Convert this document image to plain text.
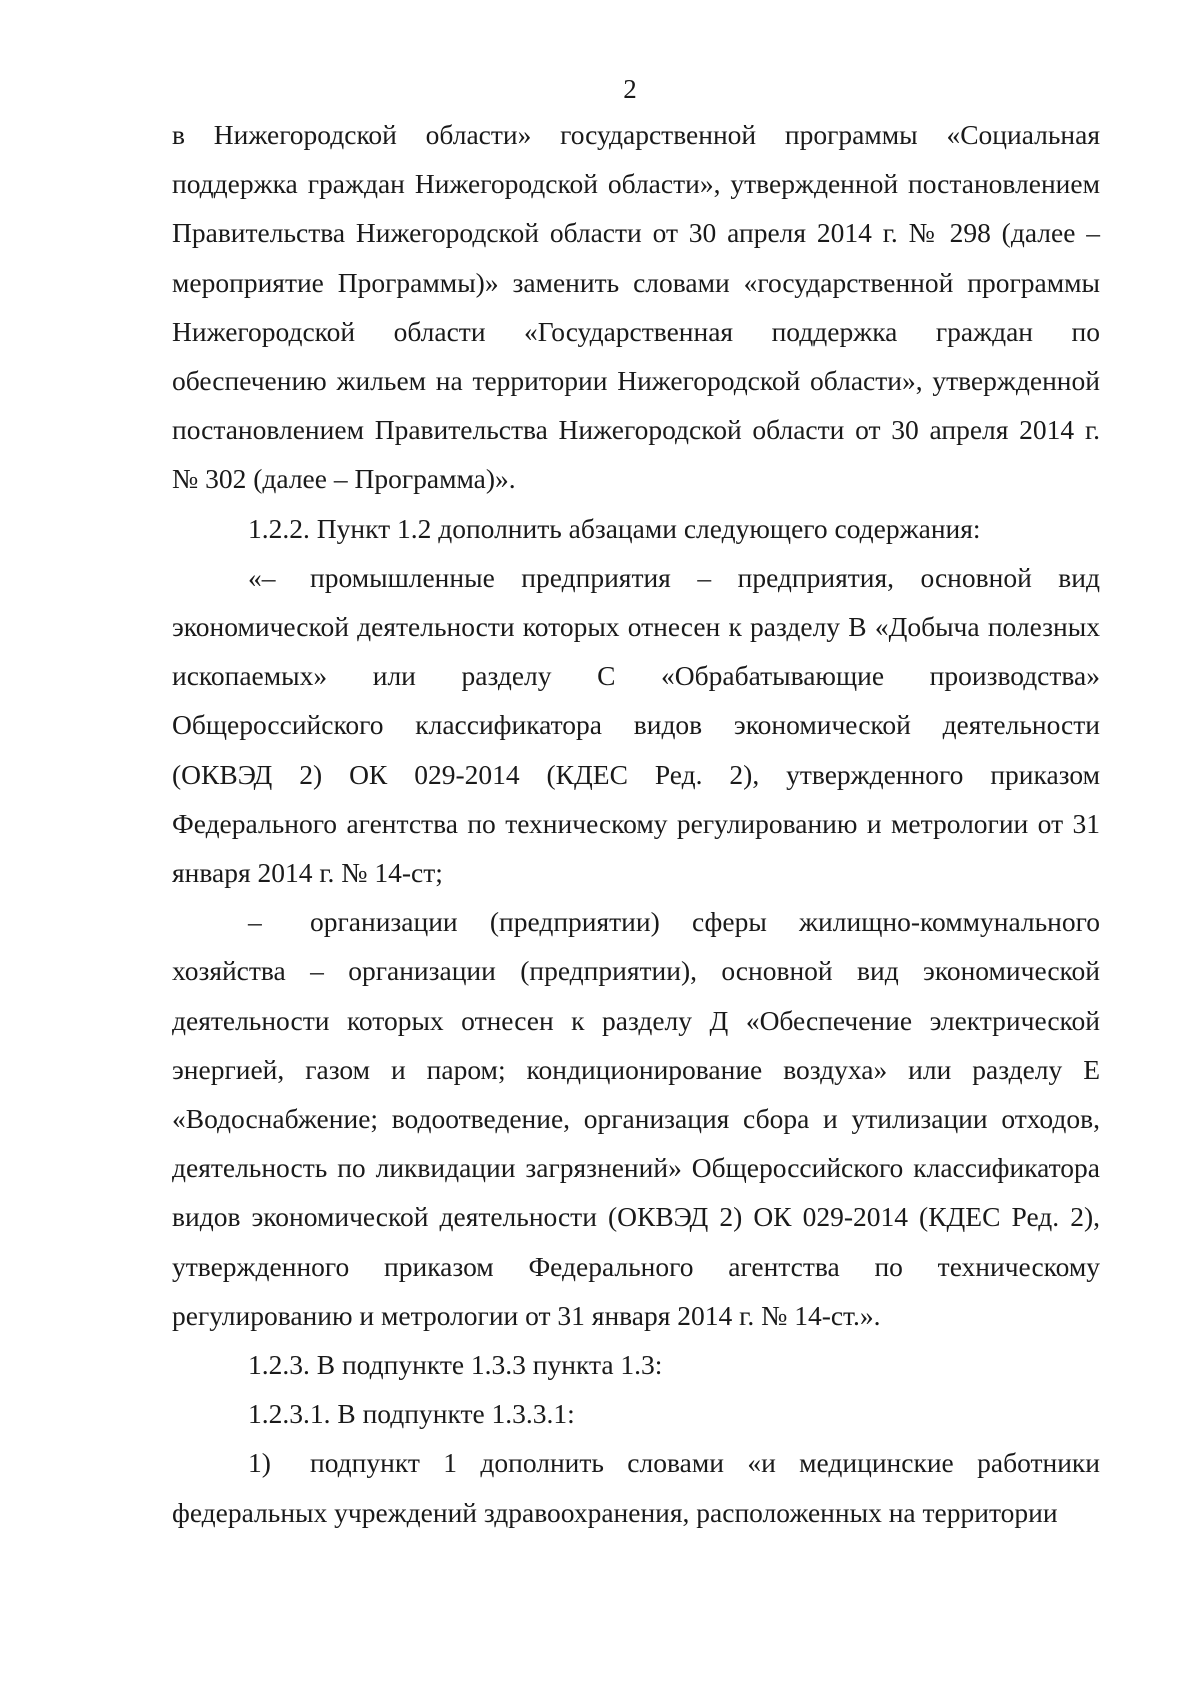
2

в Нижегородской области» государственной программы «Социальная поддержка граждан Нижегородской области», утвержденной постановлением Правительства Нижегородской области от 30 апреля 2014 г. № 298 (далее – мероприятие Программы)» заменить словами «государственной программы Нижегородской области «Государственная поддержка граждан по обеспечению жильем на территории Нижегородской области», утвержденной постановлением Правительства Нижегородской области от 30 апреля 2014 г. № 302 (далее – Программа)».

1.2.2. Пункт 1.2 дополнить абзацами следующего содержания:

«– промышленные предприятия – предприятия, основной вид экономической деятельности которых отнесен к разделу В «Добыча полезных ископаемых» или разделу С «Обрабатывающие производства» Общероссийского классификатора видов экономической деятельности (ОКВЭД 2) ОК 029-2014 (КДЕС Ред. 2), утвержденного приказом Федерального агентства по техническому регулированию и метрологии от 31 января 2014 г. № 14-ст;

– организации (предприятии) сферы жилищно-коммунального хозяйства – организации (предприятии), основной вид экономической деятельности которых отнесен к разделу Д «Обеспечение электрической энергией, газом и паром; кондиционирование воздуха» или разделу Е «Водоснабжение; водоотведение, организация сбора и утилизации отходов, деятельность по ликвидации загрязнений» Общероссийского классификатора видов экономической деятельности (ОКВЭД 2) ОК 029-2014 (КДЕС Ред. 2), утвержденного приказом Федерального агентства по техническому регулированию и метрологии от 31 января 2014 г. № 14-ст.».

1.2.3. В подпункте 1.3.3 пункта 1.3:

1.2.3.1. В подпункте 1.3.3.1:

1) подпункт 1 дополнить словами «и медицинские работники федеральных учреждений здравоохранения, расположенных на территории
